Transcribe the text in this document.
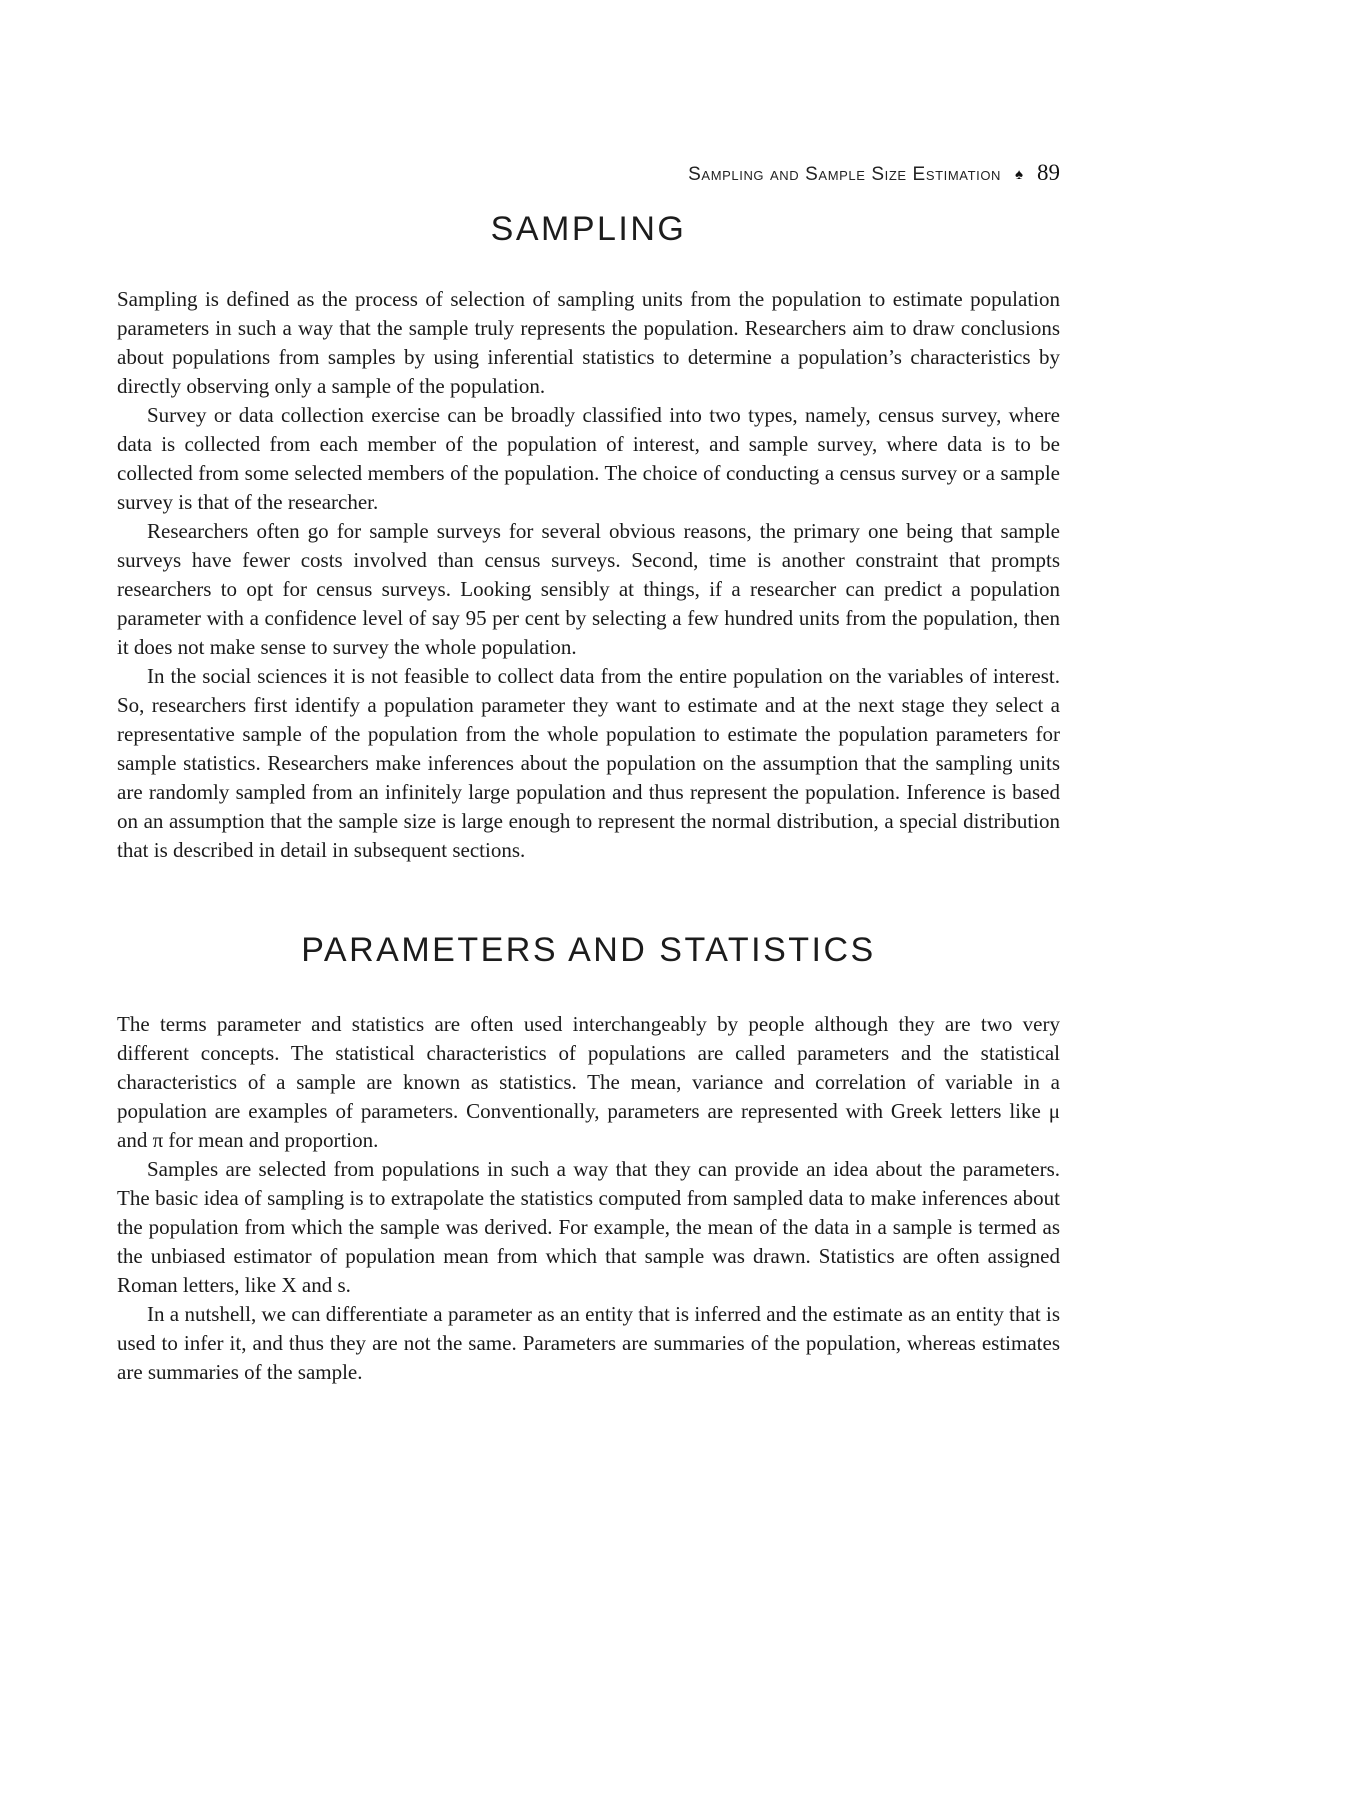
Sampling and Sample Size Estimation ♠ 89
SAMPLING

Sampling is defined as the process of selection of sampling units from the population to estimate population parameters in such a way that the sample truly represents the population. Researchers aim to draw conclusions about populations from samples by using inferential statistics to determine a population’s characteristics by directly observing only a sample of the population.

Survey or data collection exercise can be broadly classified into two types, namely, census survey, where data is collected from each member of the population of interest, and sample survey, where data is to be collected from some selected members of the population. The choice of conducting a census survey or a sample survey is that of the researcher.

Researchers often go for sample surveys for several obvious reasons, the primary one being that sample surveys have fewer costs involved than census surveys. Second, time is another constraint that prompts researchers to opt for census surveys. Looking sensibly at things, if a researcher can predict a population parameter with a confidence level of say 95 per cent by selecting a few hundred units from the population, then it does not make sense to survey the whole population.

In the social sciences it is not feasible to collect data from the entire population on the variables of interest. So, researchers first identify a population parameter they want to estimate and at the next stage they select a representative sample of the population from the whole population to estimate the population parameters for sample statistics. Researchers make inferences about the population on the assumption that the sampling units are randomly sampled from an infinitely large population and thus represent the population. Inference is based on an assumption that the sample size is large enough to represent the normal distribution, a special distribution that is described in detail in subsequent sections.

PARAMETERS AND STATISTICS

The terms parameter and statistics are often used interchangeably by people although they are two very different concepts. The statistical characteristics of populations are called parameters and the statistical characteristics of a sample are known as statistics. The mean, variance and correlation of variable in a population are examples of parameters. Conventionally, parameters are represented with Greek letters like μ and π for mean and proportion.

Samples are selected from populations in such a way that they can provide an idea about the parameters. The basic idea of sampling is to extrapolate the statistics computed from sampled data to make inferences about the population from which the sample was derived. For example, the mean of the data in a sample is termed as the unbiased estimator of population mean from which that sample was drawn. Statistics are often assigned Roman letters, like X and s.

In a nutshell, we can differentiate a parameter as an entity that is inferred and the estimate as an entity that is used to infer it, and thus they are not the same. Parameters are summaries of the population, whereas estimates are summaries of the sample.
